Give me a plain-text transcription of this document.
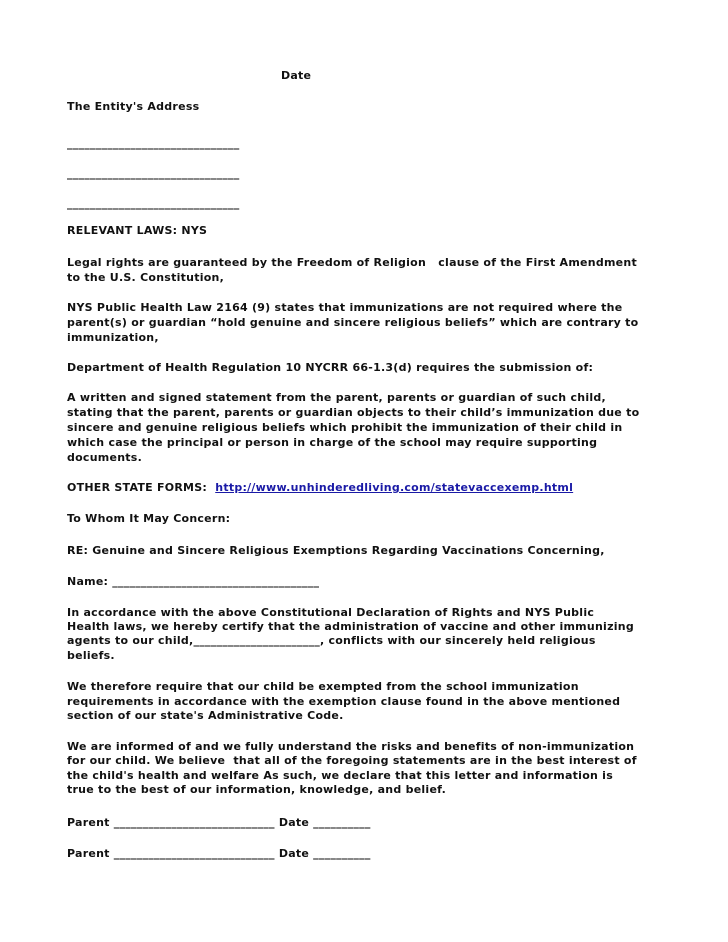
Date

The Entity's Address

______________________________

______________________________

______________________________

RELEVANT LAWS: NYS

Legal rights are guaranteed by the Freedom of Religion   clause of the First Amendment

to the U.S. Constitution,

NYS Public Health Law 2164 (9) states that immunizations are not required where the

parent(s) or guardian “hold genuine and sincere religious beliefs” which are contrary to

immunization,

Department of Health Regulation 10 NYCRR 66-1.3(d) requires the submission of:

A written and signed statement from the parent, parents or guardian of such child,

stating that the parent, parents or guardian objects to their child’s immunization due to

sincere and genuine religious beliefs which prohibit the immunization of their child in

which case the principal or person in charge of the school may require supporting

documents.

OTHER STATE FORMS:  http://www.unhinderedliving.com/statevaccexemp.html

To Whom It May Concern:

RE: Genuine and Sincere Religious Exemptions Regarding Vaccinations Concerning,

Name: ____________________________________

In accordance with the above Constitutional Declaration of Rights and NYS Public

Health laws, we hereby certify that the administration of vaccine and other immunizing

agents to our child,______________________, conflicts with our sincerely held religious

beliefs.

We therefore require that our child be exempted from the school immunization

requirements in accordance with the exemption clause found in the above mentioned

section of our state's Administrative Code.

We are informed of and we fully understand the risks and benefits of non-immunization

for our child. We believe  that all of the foregoing statements are in the best interest of

the child's health and welfare As such, we declare that this letter and information is

true to the best of our information, knowledge, and belief.

Parent ____________________________ Date __________

Parent ____________________________ Date __________
